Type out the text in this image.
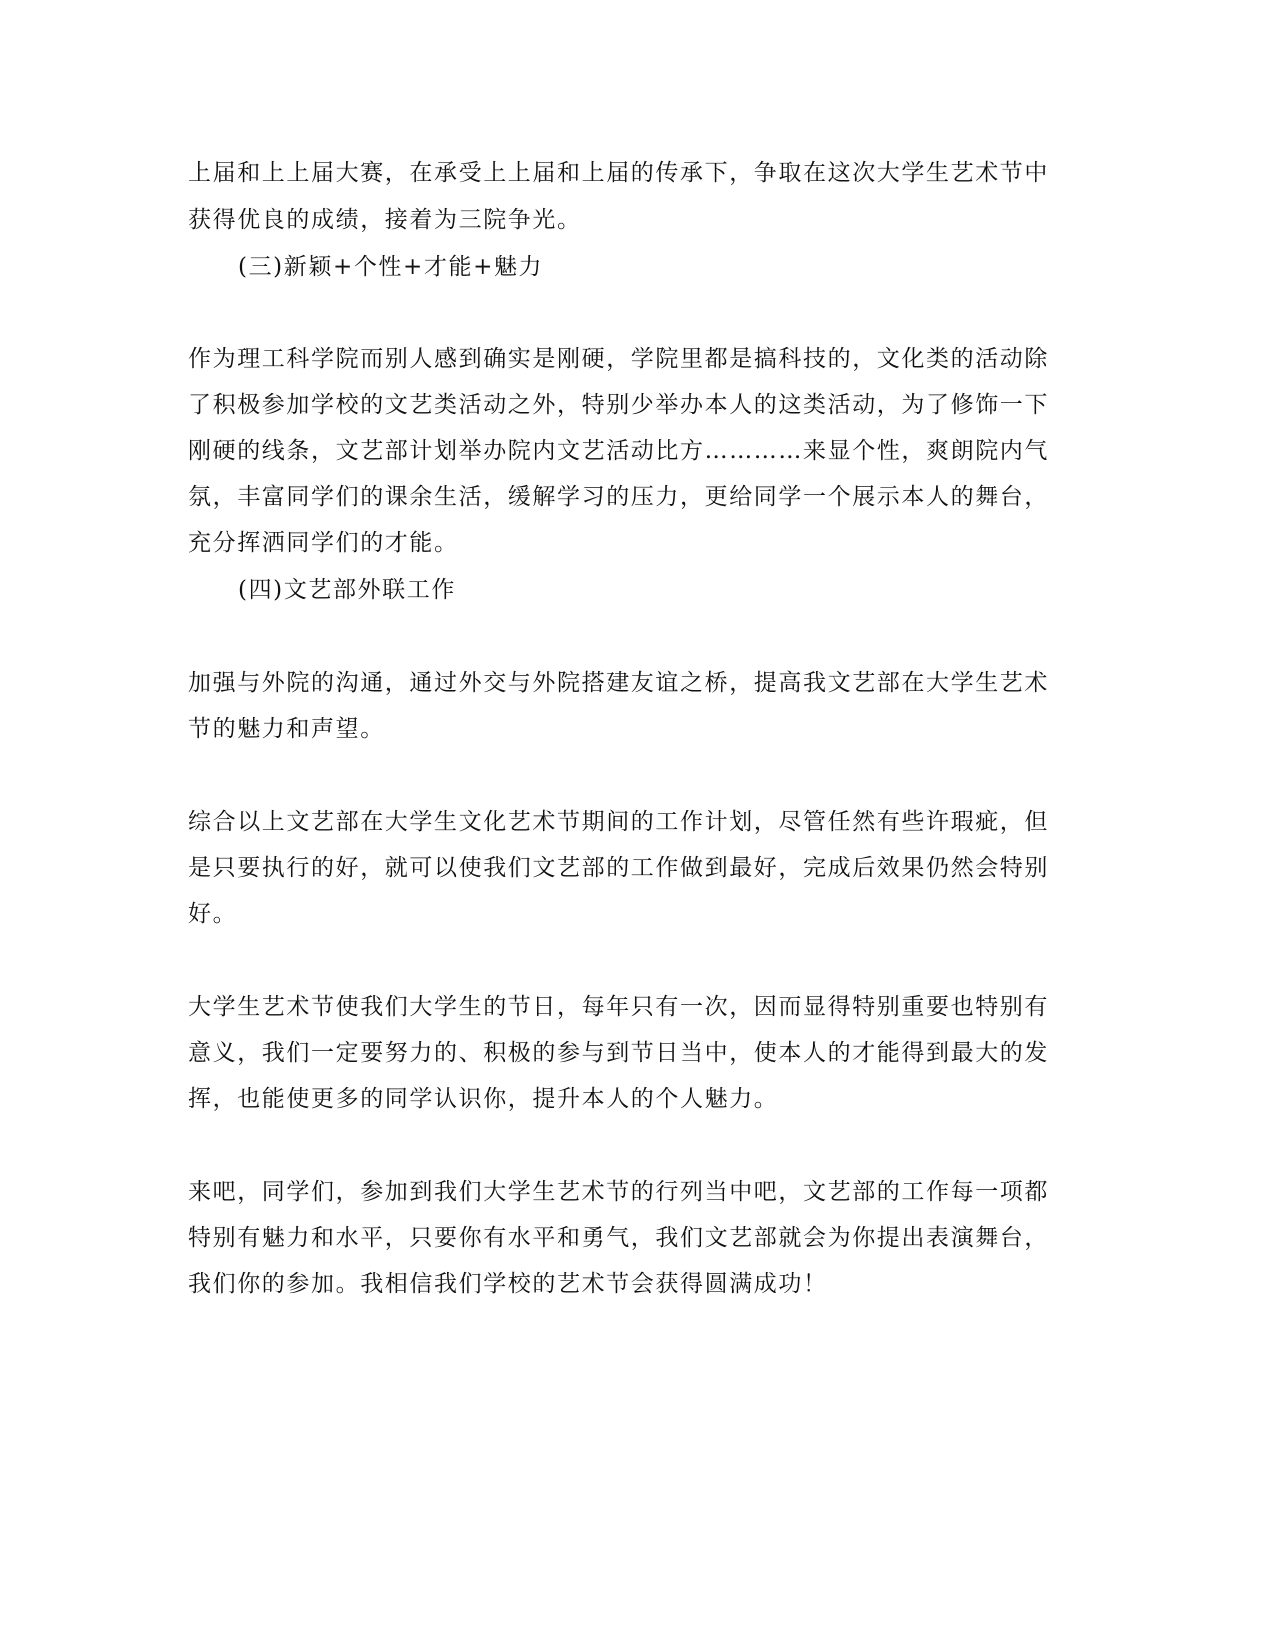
上届和上上届大赛，在承受上上届和上届的传承下，争取在这次大学生艺术节中
获得优良的成绩，接着为三院争光。
(三)新颖+个性+才能+魅力
作为理工科学院而别人感到确实是刚硬，学院里都是搞科技的，文化类的活动除
了积极参加学校的文艺类活动之外，特别少举办本人的这类活动，为了修饰一下
刚硬的线条，文艺部计划举办院内文艺活动比方…………来显个性，爽朗院内气
氛，丰富同学们的课余生活，缓解学习的压力，更给同学一个展示本人的舞台，
充分挥洒同学们的才能。
(四)文艺部外联工作
加强与外院的沟通，通过外交与外院搭建友谊之桥，提高我文艺部在大学生艺术
节的魅力和声望。
综合以上文艺部在大学生文化艺术节期间的工作计划，尽管任然有些许瑕疵，但
是只要执行的好，就可以使我们文艺部的工作做到最好，完成后效果仍然会特别
好。
大学生艺术节使我们大学生的节日，每年只有一次，因而显得特别重要也特别有
意义，我们一定要努力的、积极的参与到节日当中，使本人的才能得到最大的发
挥，也能使更多的同学认识你，提升本人的个人魅力。
来吧，同学们，参加到我们大学生艺术节的行列当中吧，文艺部的工作每一项都
特别有魅力和水平，只要你有水平和勇气，我们文艺部就会为你提出表演舞台，
我们你的参加。我相信我们学校的艺术节会获得圆满成功！
